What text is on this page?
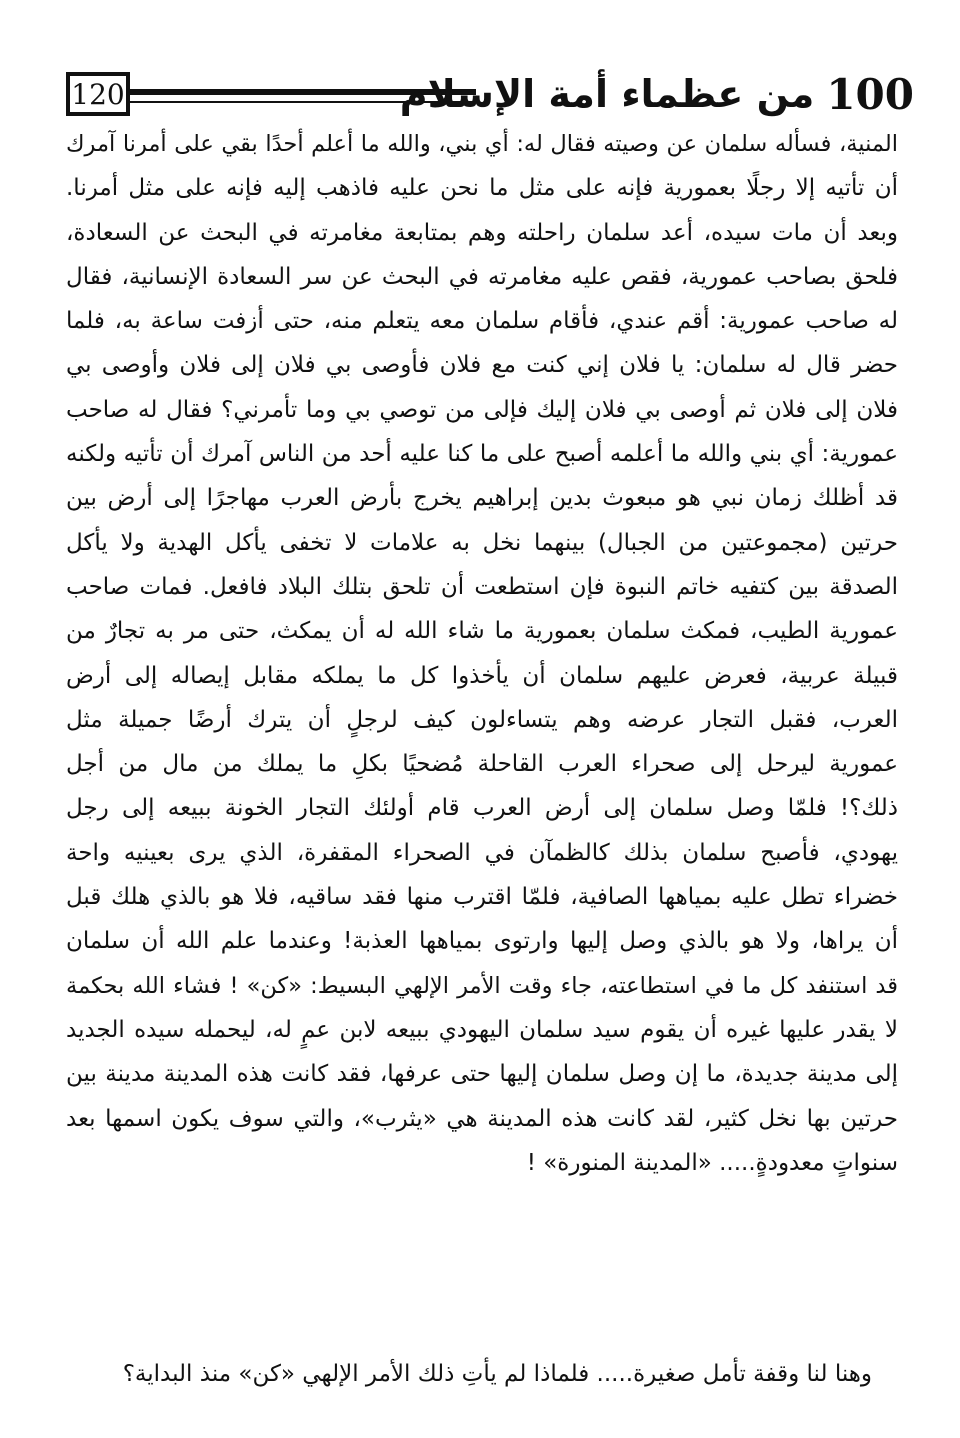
120	100
من عظماء أمة الإسلام
المنية، فسأله سلمان عن وصيته فقال له: أي بني، والله ما أعلم أحدًا بقي على أمرنا آمرك
أن تأتيه إلا رجلًا بعمورية فإنه على مثل ما نحن عليه فاذهب إليه فإنه على مثل أمرنا.
وبعد أن مات سيده، أعد سلمان راحلته وهم بمتابعة مغامرته في البحث عن السعادة،
فلحق بصاحب عمورية، فقص عليه مغامرته في البحث عن سر السعادة الإنسانية، فقال
له صاحب عمورية: أقم عندي، فأقام سلمان معه يتعلم منه، حتى أزفت ساعة به، فلما
حضر قال له سلمان: يا فلان إني كنت مع فلان فأوصى بي فلان إلى فلان وأوصى بي
فلان إلى فلان ثم أوصى بي فلان إليك فإلى من توصي بي وما تأمرني؟ فقال له صاحب
عمورية: أي بني والله ما أعلمه أصبح على ما كنا عليه أحد من الناس آمرك أن تأتيه ولكنه
قد أظلك زمان نبي هو مبعوث بدين إبراهيم يخرج بأرض العرب مهاجرًا إلى أرض بين
حرتين (مجموعتين من الجبال) بينهما نخل به علامات لا تخفى يأكل الهدية ولا يأكل
الصدقة بين كتفيه خاتم النبوة فإن استطعت أن تلحق بتلك البلاد فافعل. فمات صاحب
عمورية الطيب، فمكث سلمان بعمورية ما شاء الله له أن يمكث، حتى مر به تجارٌ من
قبيلة عربية، فعرض عليهم سلمان أن يأخذوا كل ما يملكه مقابل إيصاله إلى أرض
العرب، فقبل التجار عرضه وهم يتساءلون كيف لرجلٍ أن يترك أرضًا جميلة مثل
عمورية ليرحل إلى صحراء العرب القاحلة مُضحيًا بكلِ ما يملك من مال من أجل
ذلك؟! فلمّا وصل سلمان إلى أرض العرب قام أولئك التجار الخونة ببيعه إلى رجل
يهودي، فأصبح سلمان بذلك كالظمآن في الصحراء المقفرة، الذي يرى بعينيه واحة
خضراء تطل عليه بمياهها الصافية، فلمّا اقترب منها فقد ساقيه، فلا هو بالذي هلك قبل
أن يراها، ولا هو بالذي وصل إليها وارتوى بمياهها العذبة! وعندما علم الله أن سلمان
قد استنفد كل ما في استطاعته، جاء وقت الأمر الإلهي البسيط: «كن» ! فشاء الله بحكمة
لا يقدر عليها غيره أن يقوم سيد سلمان اليهودي ببيعه لابن عمٍ له، ليحمله سيده الجديد
إلى مدينة جديدة، ما إن وصل سلمان إليها حتى عرفها، فقد كانت هذه المدينة مدينة بين
حرتين بها نخل كثير، لقد كانت هذه المدينة هي «يثرب»، والتي سوف يكون اسمها بعد
سنواتٍ معدودةٍ..... «المدينة المنورة» !
وهنا لنا وقفة تأمل صغيرة..... فلماذا لم يأتِ ذلك الأمر الإلهي «كن» منذ البداية؟
